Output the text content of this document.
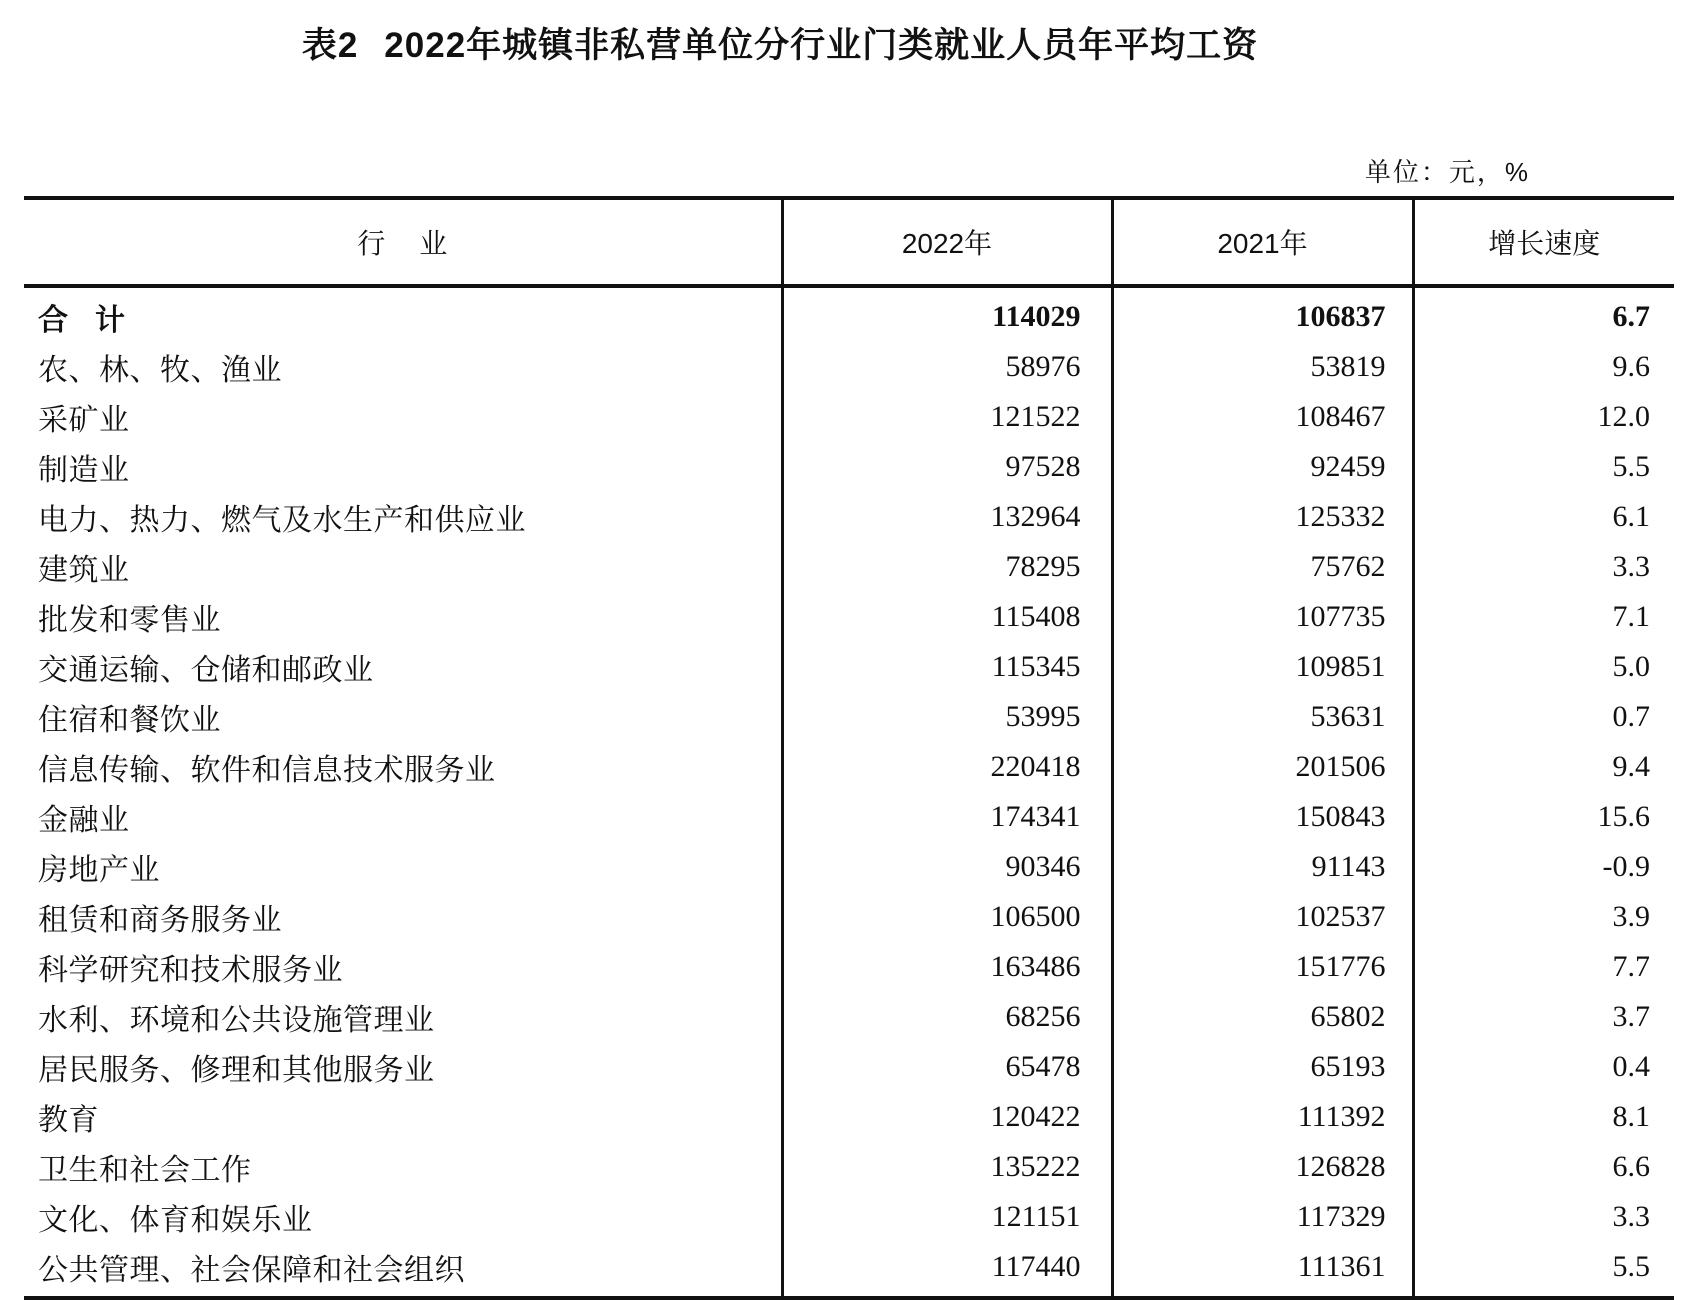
表2 2022年城镇非私营单位分行业门类就业人员年平均工资
单位：元，%
行 业	2022年	2021年	增长速度
合 计	114029	106837	6.7
农、林、牧、渔业	58976	53819	9.6
采矿业	121522	108467	12.0
制造业	97528	92459	5.5
电力、热力、燃气及水生产和供应业	132964	125332	6.1
建筑业	78295	75762	3.3
批发和零售业	115408	107735	7.1
交通运输、仓储和邮政业	115345	109851	5.0
住宿和餐饮业	53995	53631	0.7
信息传输、软件和信息技术服务业	220418	201506	9.4
金融业	174341	150843	15.6
房地产业	90346	91143	-0.9
租赁和商务服务业	106500	102537	3.9
科学研究和技术服务业	163486	151776	7.7
水利、环境和公共设施管理业	68256	65802	3.7
居民服务、修理和其他服务业	65478	65193	0.4
教育	120422	111392	8.1
卫生和社会工作	135222	126828	6.6
文化、体育和娱乐业	121151	117329	3.3
公共管理、社会保障和社会组织	117440	111361	5.5
